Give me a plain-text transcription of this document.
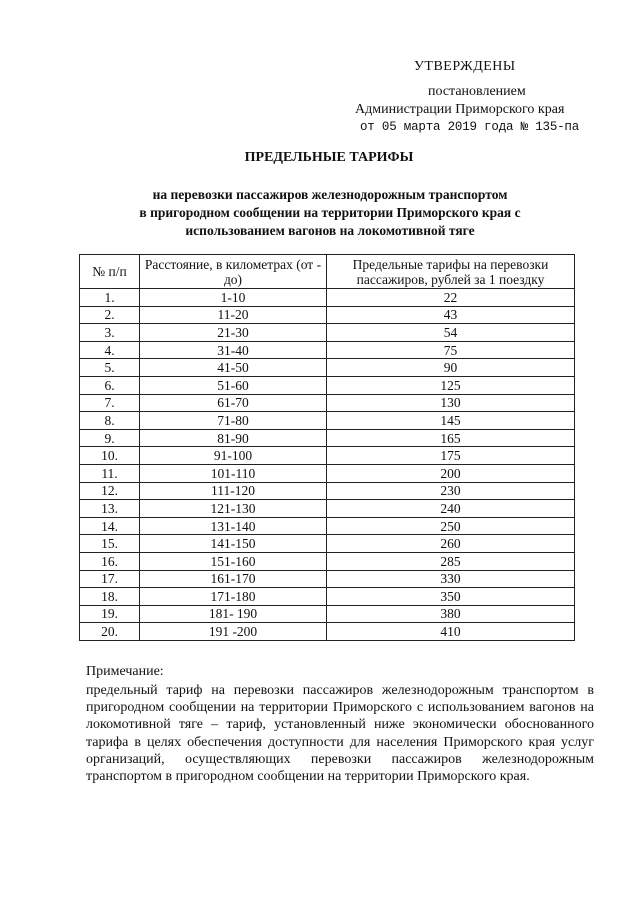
УТВЕРЖДЕНЫ
постановлением
Администрации Приморского края
от 05 марта 2019 года № 135-па
ПРЕДЕЛЬНЫЕ ТАРИФЫ
на перевозки пассажиров железнодорожным транспортом
в пригородном сообщении на территории Приморского края с
использованием вагонов на локомотивной тяге
№ п/п	Расстояние, в километрах (от - до)	Предельные тарифы на перевозки пассажиров, рублей за 1 поездку
1.	1-10	22
2.	11-20	43
3.	21-30	54
4.	31-40	75
5.	41-50	90
6.	51-60	125
7.	61-70	130
8.	71-80	145
9.	81-90	165
10.	91-100	175
11.	101-110	200
12.	111-120	230
13.	121-130	240
14.	131-140	250
15.	141-150	260
16.	151-160	285
17.	161-170	330
18.	171-180	350
19.	181- 190	380
20.	191 -200	410
Примечание:
предельный тариф на перевозки пассажиров железнодорожным транспортом в пригородном сообщении на территории Приморского с использованием вагонов на локомотивной тяге – тариф, установленный ниже экономически обоснованного тарифа в целях обеспечения доступности для населения Приморского края услуг организаций, осуществляющих перевозки пассажиров железнодорожным транспортом в пригородном сообщении на территории Приморского края.
